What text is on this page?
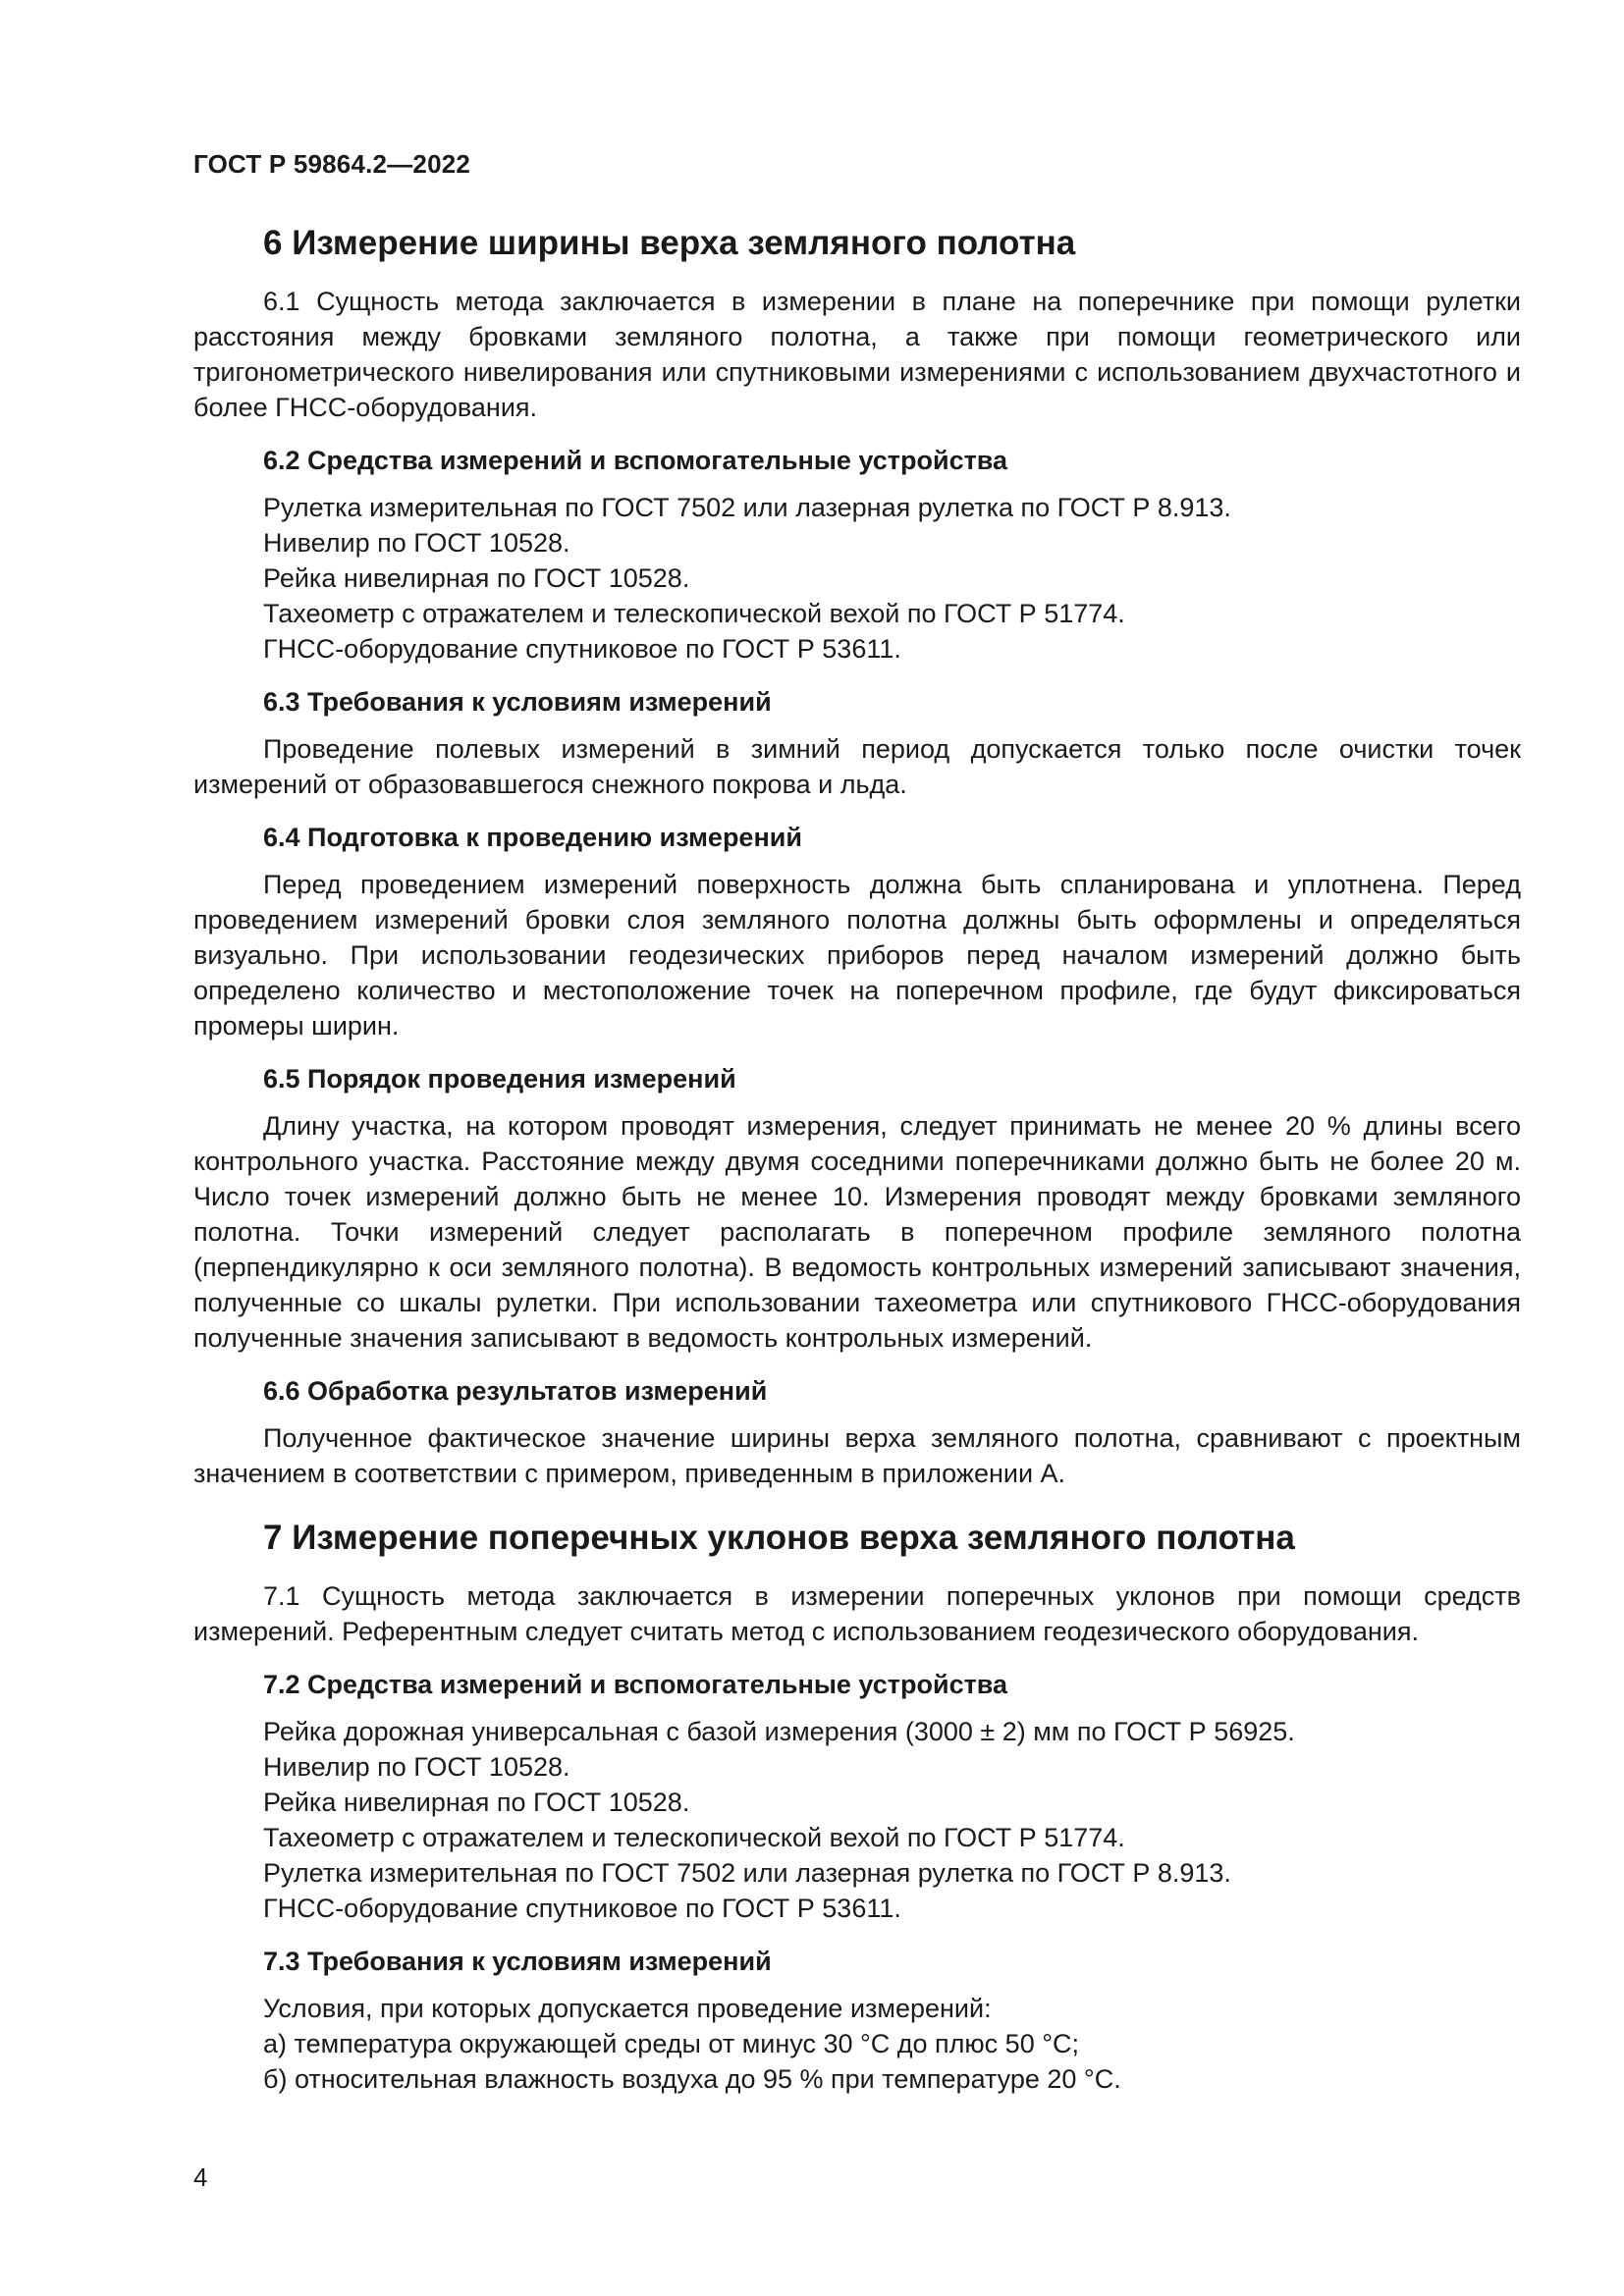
ГОСТ Р 59864.2—2022
6 Измерение ширины верха земляного полотна

6.1 Сущность метода заключается в измерении в плане на поперечнике при помощи рулетки расстояния между бровками земляного полотна, а также при помощи геометрического или тригонометрического нивелирования или спутниковыми измерениями с использованием двухчастотного и более ГНСС-оборудования.

6.2 Средства измерений и вспомогательные устройства

Рулетка измерительная по ГОСТ 7502 или лазерная рулетка по ГОСТ Р 8.913.

Нивелир по ГОСТ 10528.

Рейка нивелирная по ГОСТ 10528.

Тахеометр с отражателем и телескопической вехой по ГОСТ Р 51774.

ГНСС-оборудование спутниковое по ГОСТ Р 53611.

6.3 Требования к условиям измерений

Проведение полевых измерений в зимний период допускается только после очистки точек измерений от образовавшегося снежного покрова и льда.

6.4 Подготовка к проведению измерений

Перед проведением измерений поверхность должна быть спланирована и уплотнена. Перед проведением измерений бровки слоя земляного полотна должны быть оформлены и определяться визуально. При использовании геодезических приборов перед началом измерений должно быть определено количество и местоположение точек на поперечном профиле, где будут фиксироваться промеры ширин.

6.5 Порядок проведения измерений

Длину участка, на котором проводят измерения, следует принимать не менее 20 % длины всего контрольного участка. Расстояние между двумя соседними поперечниками должно быть не более 20 м. Число точек измерений должно быть не менее 10. Измерения проводят между бровками земляного полотна. Точки измерений следует располагать в поперечном профиле земляного полотна (перпендикулярно к оси земляного полотна). В ведомость контрольных измерений записывают значения, полученные со шкалы рулетки. При использовании тахеометра или спутникового ГНСС-оборудования полученные значения записывают в ведомость контрольных измерений.

6.6 Обработка результатов измерений

Полученное фактическое значение ширины верха земляного полотна, сравнивают с проектным значением в соответствии с примером, приведенным в приложении А.

7 Измерение поперечных уклонов верха земляного полотна

7.1 Сущность метода заключается в измерении поперечных уклонов при помощи средств измерений. Референтным следует считать метод с использованием геодезического оборудования.

7.2 Средства измерений и вспомогательные устройства

Рейка дорожная универсальная с базой измерения (3000 ± 2) мм по ГОСТ Р 56925.

Нивелир по ГОСТ 10528.

Рейка нивелирная по ГОСТ 10528.

Тахеометр с отражателем и телескопической вехой по ГОСТ Р 51774.

Рулетка измерительная по ГОСТ 7502 или лазерная рулетка по ГОСТ Р 8.913.

ГНСС-оборудование спутниковое по ГОСТ Р 53611.

7.3 Требования к условиям измерений

Условия, при которых допускается проведение измерений:

а) температура окружающей среды от минус 30 °С до плюс 50 °С;

б) относительная влажность воздуха до 95 % при температуре 20 °С.

4
